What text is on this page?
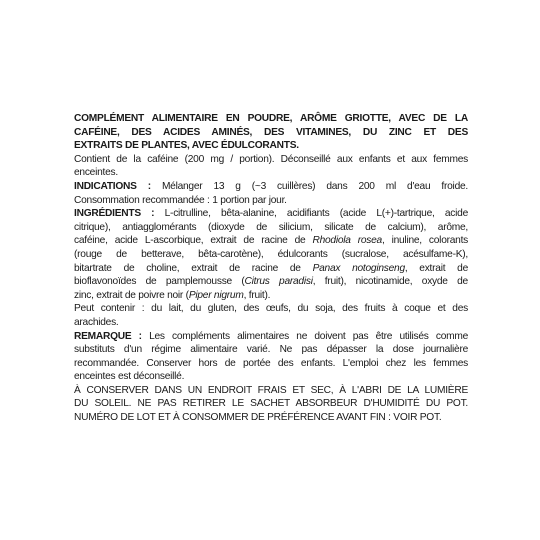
COMPLÉMENT ALIMENTAIRE EN POUDRE, ARÔME GRIOTTE, AVEC DE LA
CAFÉINE, DES ACIDES AMINÉS, DES VITAMINES, DU ZINC ET DES
EXTRAITS DE PLANTES, AVEC ÉDULCORANTS.
Contient de la caféine (200 mg / portion). Déconseillé aux enfants et aux femmes
enceintes.
INDICATIONS : Mélanger 13 g (~3 cuillères) dans 200 ml d'eau froide.
Consommation recommandée : 1 portion par jour.
INGRÉDIENTS : L-citrulline, bêta-alanine, acidifiants (acide L(+)-tartrique, acide
citrique), antiagglomérants (dioxyde de silicium, silicate de calcium), arôme,
caféine, acide L-ascorbique, extrait de racine de Rhodiola rosea, inuline, colorants
(rouge de betterave, bêta-carotène), édulcorants (sucralose, acésulfame-K),
bitartrate de choline, extrait de racine de Panax notoginseng, extrait de
bioflavonoïdes de pamplemousse (Citrus paradisi, fruit), nicotinamide, oxyde de
zinc, extrait de poivre noir (Piper nigrum, fruit).
Peut contenir : du lait, du gluten, des œufs, du soja, des fruits à coque et des
arachides.
REMARQUE : Les compléments alimentaires ne doivent pas être utilisés comme
substituts d'un régime alimentaire varié. Ne pas dépasser la dose journalière
recommandée. Conserver hors de portée des enfants. L'emploi chez les femmes
enceintes est déconseillé.
À CONSERVER DANS UN ENDROIT FRAIS ET SEC, À L'ABRI DE LA LUMIÈRE
DU SOLEIL. NE PAS RETIRER LE SACHET ABSORBEUR D'HUMIDITÉ DU POT.
NUMÉRO DE LOT ET À CONSOMMER DE PRÉFÉRENCE AVANT FIN : VOIR POT.
